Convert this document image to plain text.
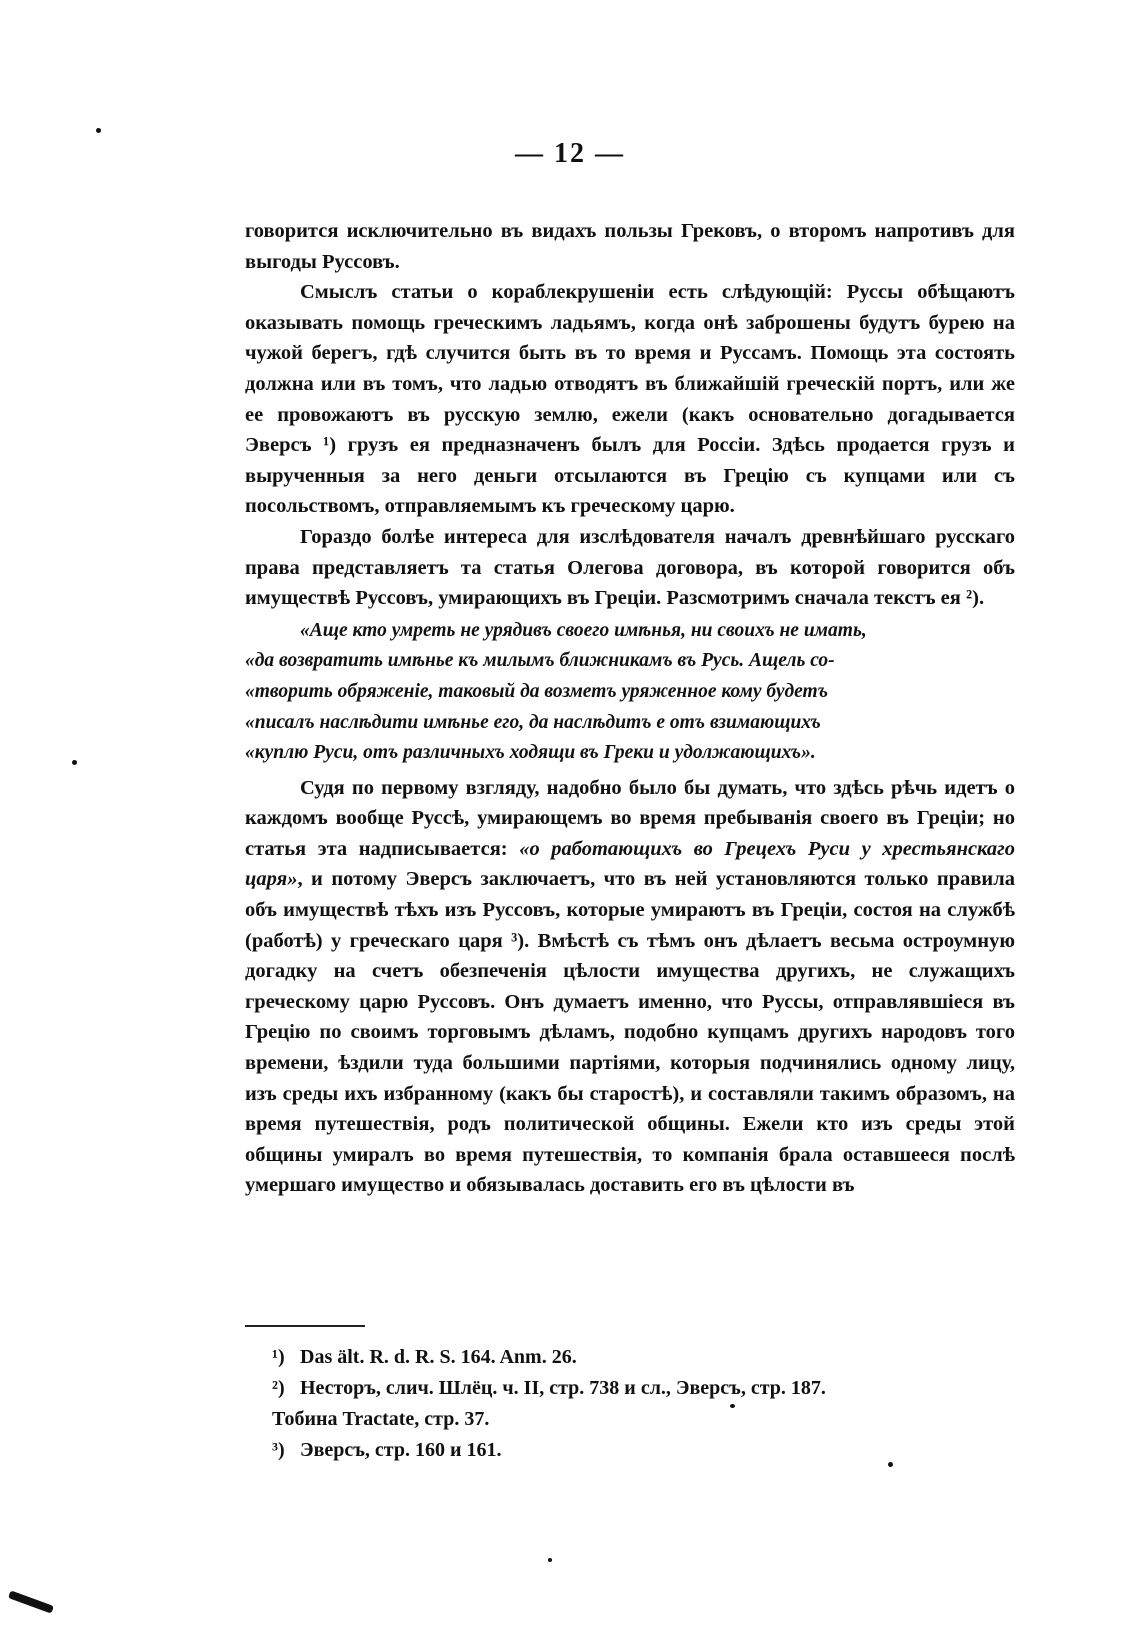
— 12 —

говорится исключительно въ видахъ пользы Грековъ, о второмъ напротивъ для выгоды Руссовъ.

Смыслъ статьи о кораблекрушеніи есть слѣдующій: Руссы обѣщаютъ оказывать помощь греческимъ ладьямъ, когда онѣ заброшены будутъ бурею на чужой берегъ, гдѣ случится быть въ то время и Руссамъ. Помощь эта состоять должна или въ томъ, что ладью отводятъ въ ближайшій греческій портъ, или же ее провожаютъ въ русскую землю, ежели (какъ основательно догадывается Эверсъ ¹) грузъ ея предназначенъ былъ для Россіи. Здѣсь продается грузъ и вырученныя за него деньги отсылаются въ Грецію съ купцами или съ посольствомъ, отправляемымъ къ греческому царю.

Гораздо болѣе интереса для изслѣдователя началъ древнѣйшаго русскаго права представляетъ та статья Олегова договора, въ которой говорится объ имуществѣ Руссовъ, умирающихъ въ Греціи. Разсмотримъ сначала текстъ ея ²).

«Аще кто умреть не урядивъ своего имѣнья, ни своихъ не имать,
«да возвратить имѣнье къ милымъ ближникамъ въ Русь. Ащель со-
«творить обряженіе, таковый да возметъ уряженное кому будетъ
«писалъ наслѣдити имѣнье его, да наслѣдитъ е отъ взимающихъ
«куплю Руси, отъ различныхъ ходящи въ Греки и удолжающихъ».

Судя по первому взгляду, надобно было бы думать, что здѣсь рѣчь идетъ о каждомъ вообще Руссѣ, умирающемъ во время пребыванія своего въ Греціи; но статья эта надписывается: «о работающихъ во Грецехъ Руси у хрестьянскаго царя», и потому Эверсъ заключаетъ, что въ ней установляются только правила объ имуществѣ тѣхъ изъ Руссовъ, которые умираютъ въ Греціи, состоя на службѣ (работѣ) у греческаго царя ³). Вмѣстѣ съ тѣмъ онъ дѣлаетъ весьма остроумную догадку на счетъ обезпеченія цѣлости имущества другихъ, не служащихъ греческому царю Руссовъ. Онъ думаетъ именно, что Руссы, отправлявшіеся въ Грецію по своимъ торговымъ дѣламъ, подобно купцамъ другихъ народовъ того времени, ѣздили туда большими партіями, которыя подчинялись одному лицу, изъ среды ихъ избранному (какъ бы старостѣ), и составляли такимъ образомъ, на время путешествія, родъ политической общины. Ежели кто изъ среды этой общины умиралъ во время путешествія, то компанія брала оставшееся послѣ умершаго имущество и обязывалась доставить его въ цѣлости въ

¹) Das ält. R. d. R. S. 164. Anm. 26.
²) Несторъ, слич. Шлёц. ч. II, стр. 738 и сл., Эверсъ, стр. 187.
Тобина Tractate, стр. 37.
³) Эверсъ, стр. 160 и 161.
